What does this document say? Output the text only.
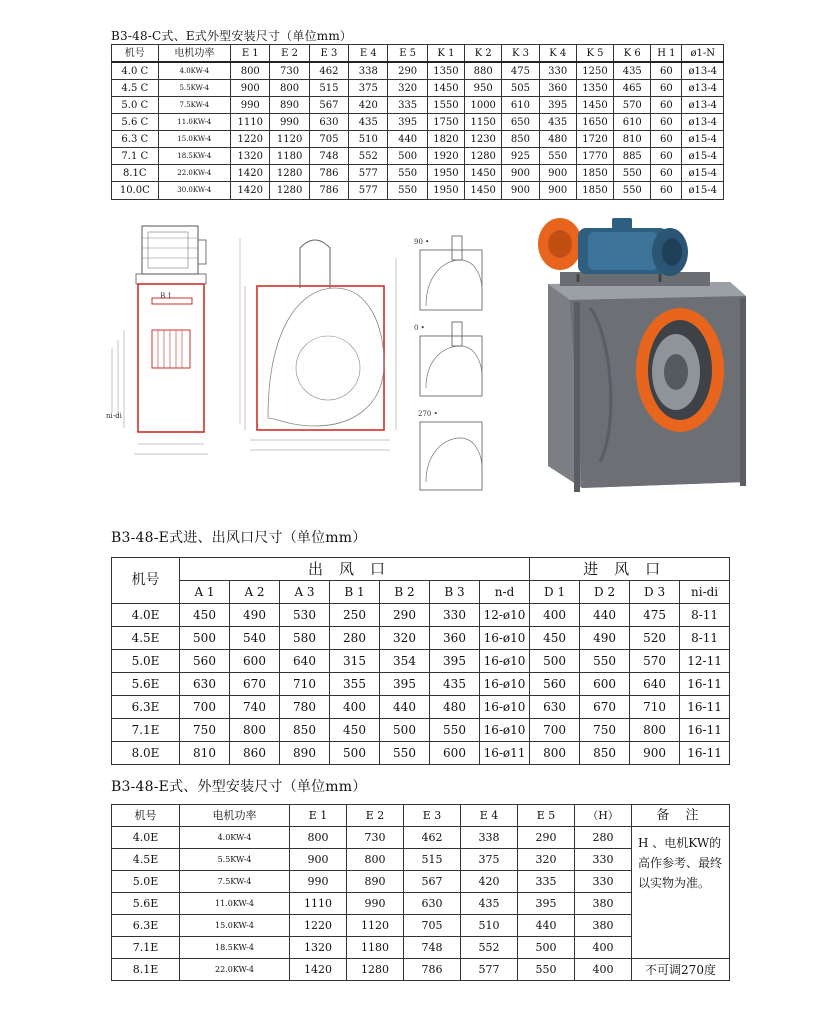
B3-48-C式、E式外型安装尺寸（单位mm）
机号	电机功率	E 1	E 2	E 3	E 4	E 5	K 1	K 2	K 3	K 4	K 5	K 6	H 1	ø1-N
4.0 C	4.0KW-4	800	730	462	338	290	1350	880	475	330	1250	435	60	ø13-4
4.5 C	5.5KW-4	900	800	515	375	320	1450	950	505	360	1350	465	60	ø13-4
5.0 C	7.5KW-4	990	890	567	420	335	1550	1000	610	395	1450	570	60	ø13-4
5.6 C	11.0KW-4	1110	990	630	435	395	1750	1150	650	435	1650	610	60	ø13-4
6.3 C	15.0KW-4	1220	1120	705	510	440	1820	1230	850	480	1720	810	60	ø15-4
7.1 C	18.5KW-4	1320	1180	748	552	500	1920	1280	925	550	1770	885	60	ø15-4
8.1C	22.0KW-4	1420	1280	786	577	550	1950	1450	900	900	1850	550	60	ø15-4
10.0C	30.0KW-4	1420	1280	786	577	550	1950	1450	900	900	1850	550	60	ø15-4
B 1
ni-di
90 •
0 •
270 •
B3-48-E式进、出风口尺寸（单位mm）
机号	出风口							进风口			
	A 1	A 2	A 3	B 1	B 2	B 3	n-d	D 1	D 2	D 3	ni-di
4.0E	450	490	530	250	290	330	12-ø10	400	440	475	8-11
4.5E	500	540	580	280	320	360	16-ø10	450	490	520	8-11
5.0E	560	600	640	315	354	395	16-ø10	500	550	570	12-11
5.6E	630	670	710	355	395	435	16-ø10	560	600	640	16-11
6.3E	700	740	780	400	440	480	16-ø10	630	670	710	16-11
7.1E	750	800	850	450	500	550	16-ø10	700	750	800	16-11
8.0E	810	860	890	500	550	600	16-ø11	800	850	900	16-11
B3-48-E式、外型安装尺寸（单位mm）
机号	电机功率	E 1	E 2	E 3	E 4	E 5	（H）	备 注
4.0E	4.0KW-4	800	730	462	338	290	280	H 、电机KW的高作参考、最终以实物为准。
4.5E	5.5KW-4	900	800	515	375	320	330	
5.0E	7.5KW-4	990	890	567	420	335	330	
5.6E	11.0KW-4	1110	990	630	435	395	380	
6.3E	15.0KW-4	1220	1120	705	510	440	380	
7.1E	18.5KW-4	1320	1180	748	552	500	400	
8.1E	22.0KW-4	1420	1280	786	577	550	400	不可调270度
